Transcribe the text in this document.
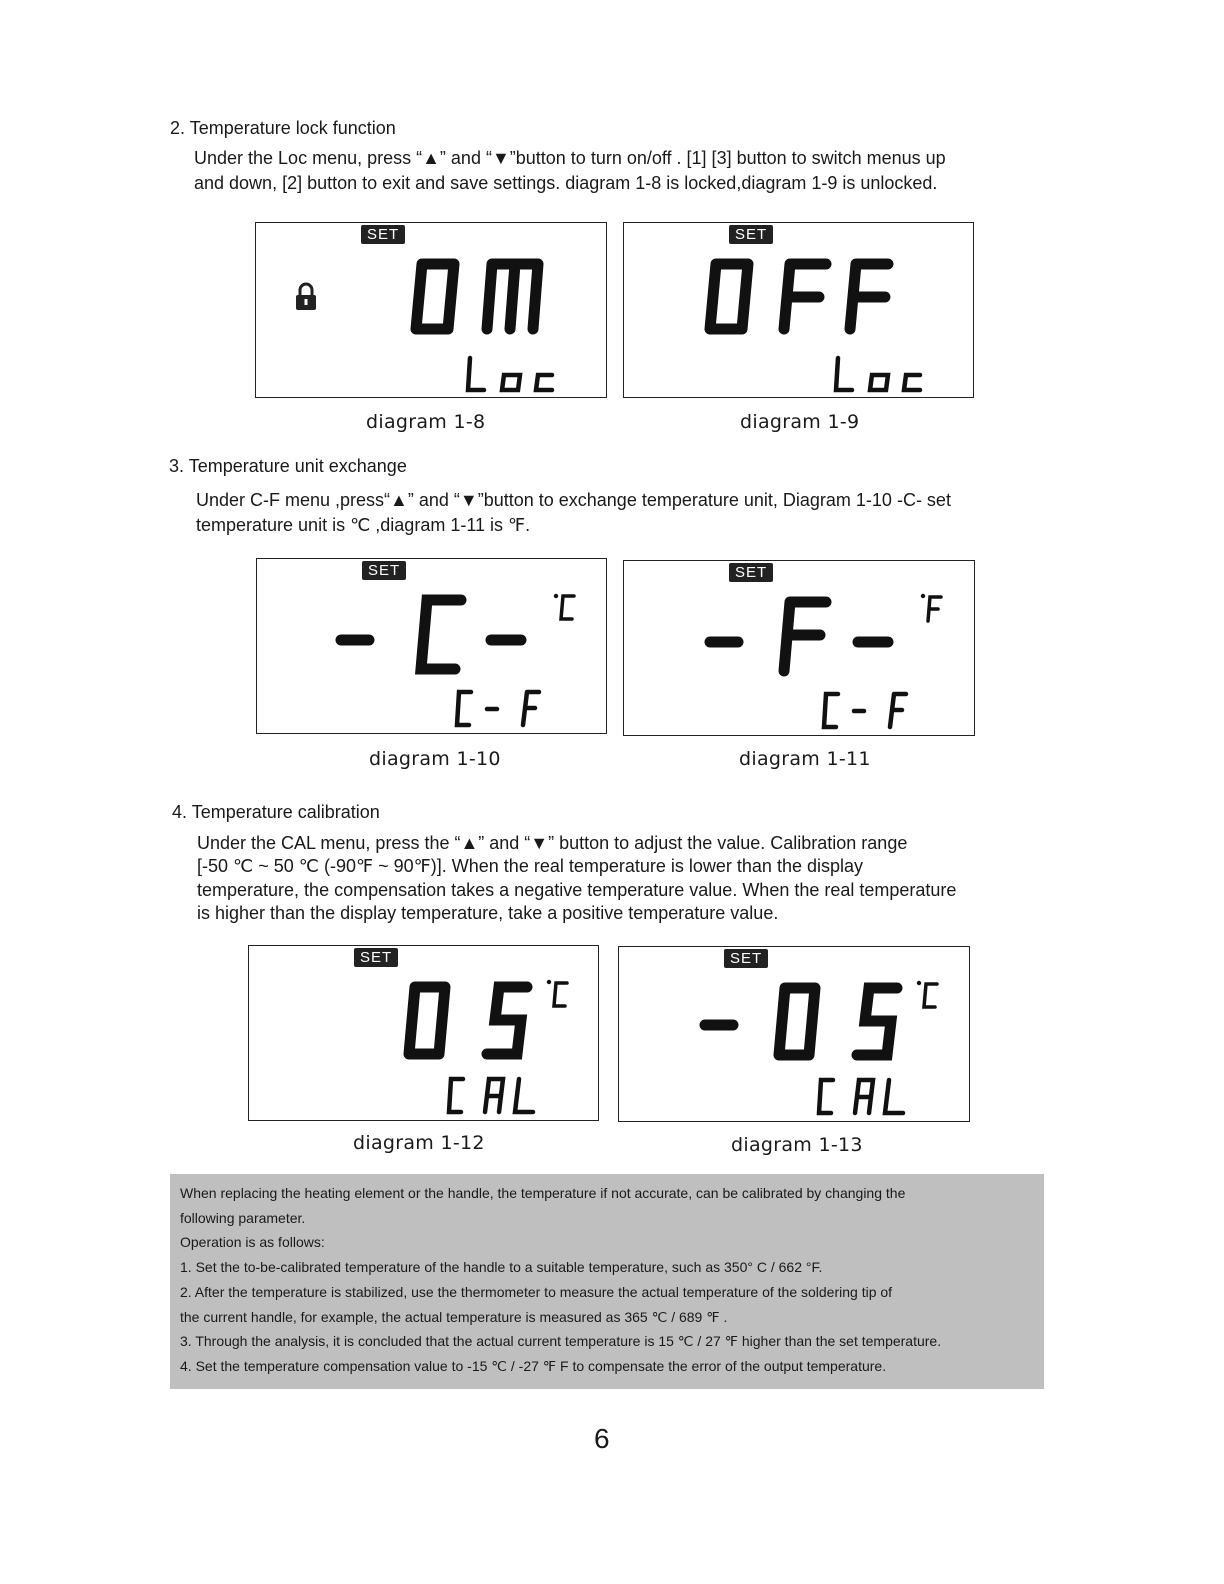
2. Temperature lock function
Under the Loc menu, press “▲” and “▼”button to turn on/off . [1] [3] button to switch menus up
and down, [2] button to exit and save settings. diagram 1-8 is locked,diagram 1-9 is unlocked.
SET
diagram 1-8
SET
diagram 1-9
3. Temperature unit exchange
Under C-F menu ,press“▲” and “▼”button to exchange temperature unit, Diagram 1-10 -C- set
temperature unit is ℃ ,diagram 1-11 is ℉.
SET
diagram 1-10
SET
diagram 1-11
4. Temperature calibration
Under the CAL menu, press the “▲” and “▼” button to adjust the value. Calibration range
[-50 ℃ ~ 50 ℃ (-90℉ ~ 90℉)]. When the real temperature is lower than the display
temperature, the compensation takes a negative temperature value. When the real temperature
is higher than the display temperature, take a positive temperature value.
SET
diagram 1-12
SET
diagram 1-13
When replacing the heating element or the handle, the temperature if not accurate, can be calibrated by changing the
following parameter.
Operation is as follows:
1. Set the to-be-calibrated temperature of the handle to a suitable temperature, such as 350° C / 662 °F.
2. After the temperature is stabilized, use the thermometer to measure the actual temperature of the soldering tip of
the current handle, for example, the actual temperature is measured as 365 ℃ / 689 ℉ .
3. Through the analysis, it is concluded that the actual current temperature is 15 ℃ / 27 ℉ higher than the set temperature.
4. Set the temperature compensation value to -15 ℃ / -27 ℉ F to compensate the error of the output temperature.
6
